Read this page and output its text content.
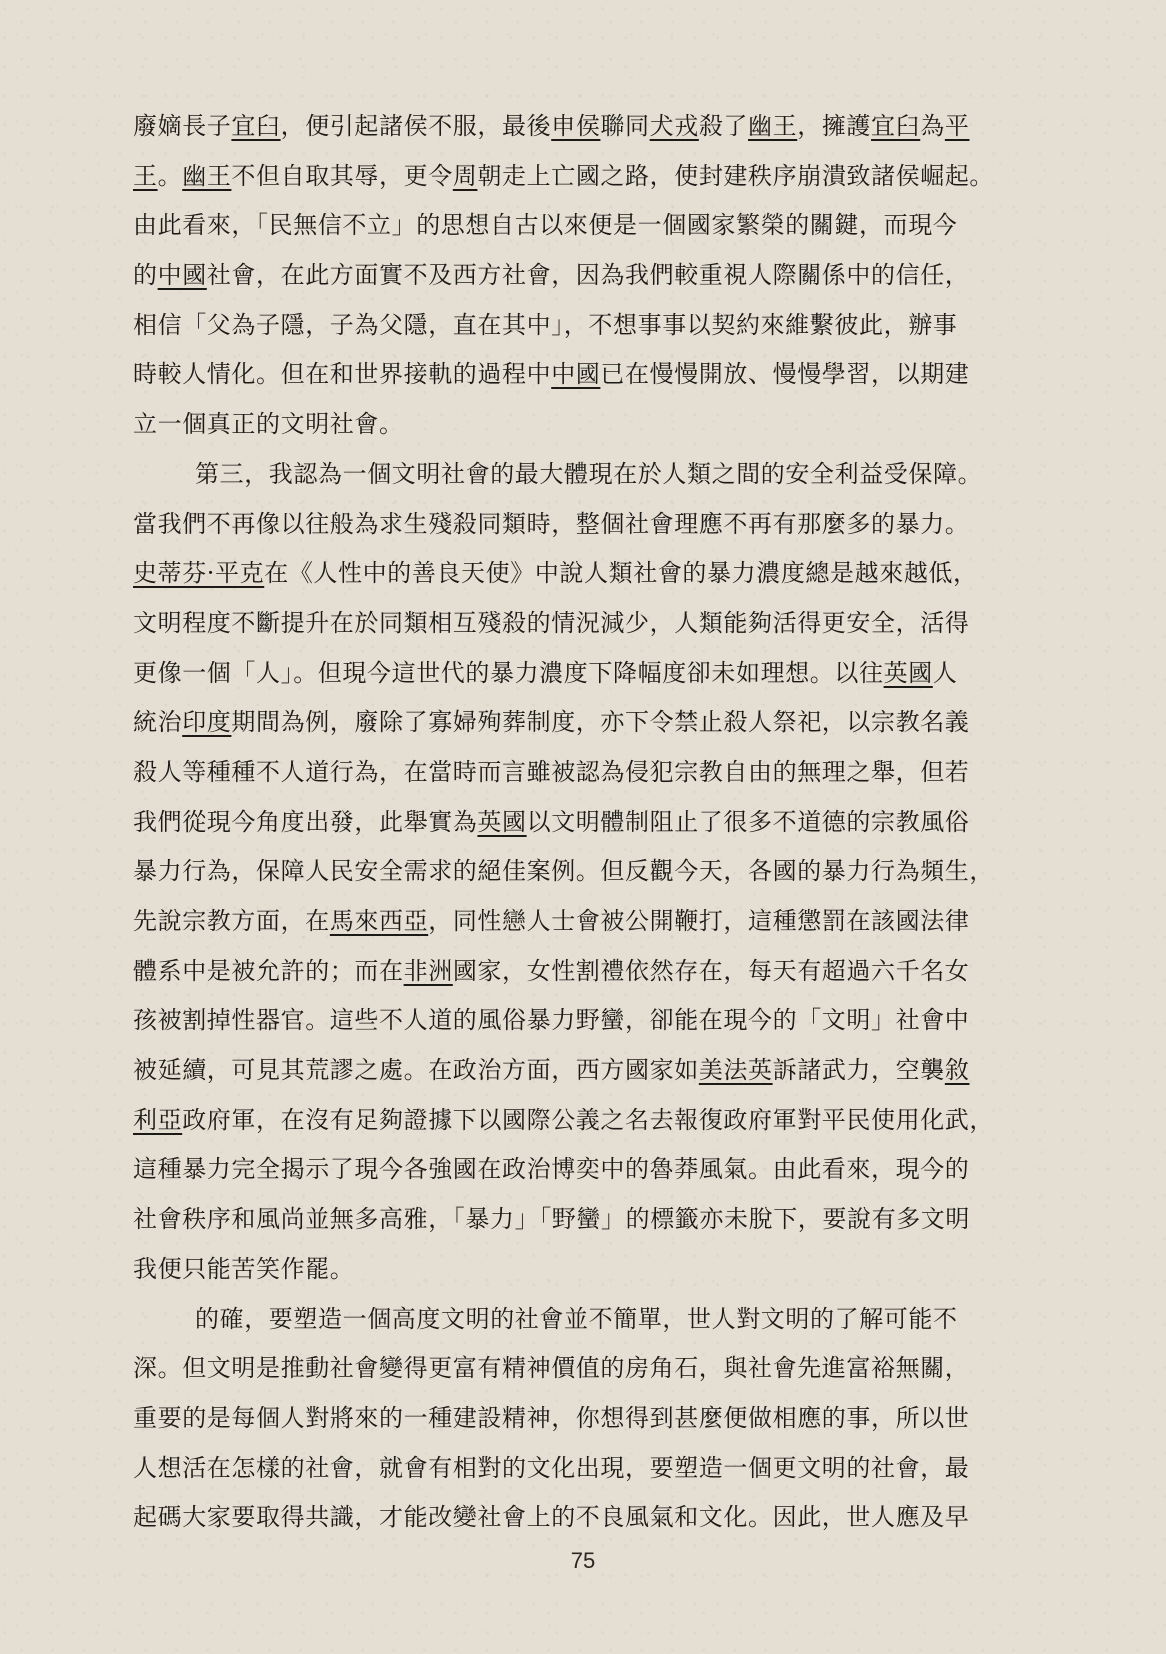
廢嫡長子宜臼，便引起諸侯不服，最後申侯聯同犬戎殺了幽王，擁護宜臼為平
王。幽王不但自取其辱，更令周朝走上亡國之路，使封建秩序崩潰致諸侯崛起。
由此看來，「民無信不立」的思想自古以來便是一個國家繁榮的關鍵，而現今
的中國社會，在此方面實不及西方社會，因為我們較重視人際關係中的信任，
相信「父為子隱，子為父隱，直在其中」，不想事事以契約來維繫彼此，辦事
時較人情化。但在和世界接軌的過程中中國已在慢慢開放、慢慢學習，以期建
立一個真正的文明社會。
第三，我認為一個文明社會的最大體現在於人類之間的安全利益受保障。
當我們不再像以往般為求生殘殺同類時，整個社會理應不再有那麼多的暴力。
史蒂芬·平克在《人性中的善良天使》中說人類社會的暴力濃度總是越來越低，
文明程度不斷提升在於同類相互殘殺的情況減少，人類能夠活得更安全，活得
更像一個「人」。但現今這世代的暴力濃度下降幅度卻未如理想。以往英國人
統治印度期間為例，廢除了寡婦殉葬制度，亦下令禁止殺人祭祀，以宗教名義
殺人等種種不人道行為，在當時而言雖被認為侵犯宗教自由的無理之舉，但若
我們從現今角度出發，此舉實為英國以文明體制阻止了很多不道德的宗教風俗
暴力行為，保障人民安全需求的絕佳案例。但反觀今天，各國的暴力行為頻生，
先說宗教方面，在馬來西亞，同性戀人士會被公開鞭打，這種懲罰在該國法律
體系中是被允許的；而在非洲國家，女性割禮依然存在，每天有超過六千名女
孩被割掉性器官。這些不人道的風俗暴力野蠻，卻能在現今的「文明」社會中
被延續，可見其荒謬之處。在政治方面，西方國家如美法英訴諸武力，空襲敘
利亞政府軍，在沒有足夠證據下以國際公義之名去報復政府軍對平民使用化武，
這種暴力完全揭示了現今各強國在政治博奕中的魯莽風氣。由此看來，現今的
社會秩序和風尚並無多高雅，「暴力」「野蠻」的標籤亦未脫下，要說有多文明
我便只能苦笑作罷。
的確，要塑造一個高度文明的社會並不簡單，世人對文明的了解可能不
深。但文明是推動社會變得更富有精神價值的房角石，與社會先進富裕無關，
重要的是每個人對將來的一種建設精神，你想得到甚麼便做相應的事，所以世
人想活在怎樣的社會，就會有相對的文化出現，要塑造一個更文明的社會，最
起碼大家要取得共識，才能改變社會上的不良風氣和文化。因此，世人應及早
75
